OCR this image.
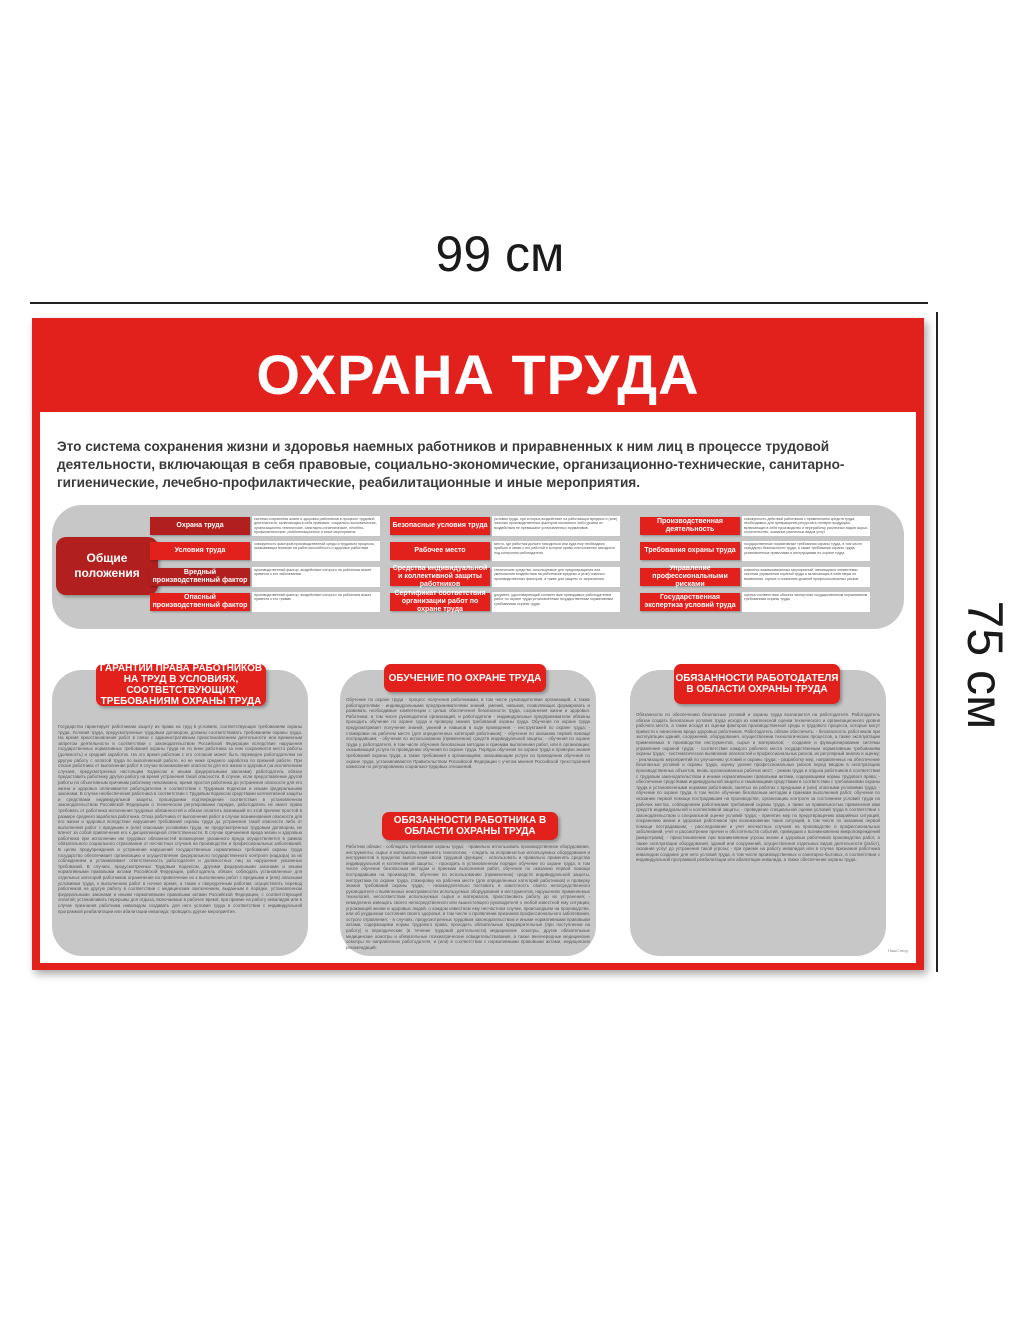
99 см
75 см
ОХРАНА ТРУДА
Это система сохранения жизни и здоровья наемных работников и приравненных к ним лиц в процессе трудовой деятельности, включающая в себя правовые, социально-экономические, организационно-технические, санитарно-гигиенические, лечебно-профилактические, реабилитационные и иные мероприятия.
Общие положения
Охрана труда
система сохранения жизни и здоровья работников в процессе трудовой деятельности, включающая в себя правовые, социально-экономические, организационно-технические, санитарно-гигиенические, лечебно-профилактические, реабилитационные и иные мероприятия
Условия труда
совокупность факторов производственной среды и трудового процесса, оказывающих влияние на работоспособность и здоровье работника
Вредный производственный фактор
производственный фактор, воздействие которого на работника может привести к его заболеванию
Опасный производственный фактор
производственный фактор, воздействие которого на работника может привести к его травме
Безопасные условия труда
условия труда, при которых воздействие на работающих вредных и (или) опасных производственных факторов исключено либо уровни их воздействия не превышают установленных нормативов
Рабочее место
место, где работник должен находиться или куда ему необходимо прибыть в связи с его работой и которое прямо или косвенно находится под контролем работодателя
Средства индивидуальной и коллективной защиты работников
технические средства, используемые для предотвращения или уменьшения воздействия на работников вредных и (или) опасных производственных факторов, а также для защиты от загрязнения
Сертификат соответствия организации работ по охране труда
документ, удостоверяющий соответствие проводимых работодателем работ по охране труда установленным государственным нормативным требованиям охраны труда
Производственная деятельность
совокупность действий работников с применением средств труда, необходимых для превращения ресурсов в готовую продукцию, включающих в себя производство и переработку различных видов сырья, строительство, оказание различных видов услуг
Требования охраны труда
государственные нормативные требования охраны труда, в том числе стандарты безопасности труда, а также требования охраны труда, установленные правилами и инструкциями по охране труда
Управление профессиональными рисками
комплекс взаимосвязанных мероприятий, являющихся элементами системы управления охраной труда и включающих в себя меры по выявлению, оценке и снижению уровней профессиональных рисков
Государственная экспертиза условий труда
оценка соответствия объекта экспертизы государственным нормативным требованиям охраны труда
ГАРАНТИИ ПРАВА РАБОТНИКОВ НА ТРУД В УСЛОВИЯХ, СООТВЕТСТВУЮЩИХ ТРЕБОВАНИЯМ ОХРАНЫ ТРУДА
Государство гарантирует работникам защиту их права на труд в условиях, соответствующих требованиям охраны труда. Условия труда, предусмотренные трудовым договором, должны соответствовать требованиям охраны труда. На время приостановления работ в связи с административным приостановлением деятельности или временным запретом деятельности в соответствии с законодательством Российской Федерации вследствие нарушения государственных нормативных требований охраны труда не по вине работника за ним сохраняются место работы (должность) и средний заработок. На это время работник с его согласия может быть переведен работодателем на другую работу с оплатой труда по выполняемой работе, но не ниже среднего заработка по прежней работе. При отказе работника от выполнения работ в случае возникновения опасности для его жизни и здоровья (за исключением случаев, предусмотренных настоящим Кодексом и иными федеральными законами) работодатель обязан предоставить работнику другую работу на время устранения такой опасности. В случае, если предоставление другой работы по объективным причинам работнику невозможно, время простоя работника до устранения опасности для его жизни и здоровья оплачивается работодателем в соответствии с Трудовым Кодексом и иными федеральными законами. В случае необеспечения работника в соответствии с Трудовым Кодексом средствами коллективной защиты и средствами индивидуальной защиты, прошедшими подтверждение соответствия в установленном законодательством Российской Федерации о техническом регулировании порядке, работодатель не имеет права требовать от работника исполнения трудовых обязанностей и обязан оплатить возникший по этой причине простой в размере среднего заработка работника. Отказ работника от выполнения работ в случае возникновения опасности для его жизни и здоровья вследствие нарушения требований охраны труда до устранения такой опасности либо от выполнения работ с вредными и (или) опасными условиями труда, не предусмотренных трудовым договором, не влечет за собой привлечения его к дисциплинарной ответственности. В случае причинения вреда жизни и здоровью работника при исполнении им трудовых обязанностей возмещение указанного вреда осуществляется в рамках обязательного социального страхования от несчастных случаев на производстве и профессиональных заболеваний. В целях предупреждения и устранения нарушений государственных нормативных требований охраны труда государство обеспечивает организацию и осуществление федерального государственного контроля (надзора) за их соблюдением и устанавливает ответственность работодателя и должностных лиц за нарушение указанных требований. В случаях, предусмотренных Трудовым Кодексом, другими федеральными законами и иными нормативными правовыми актами Российской Федерации, работодатель обязан: соблюдать установленные для отдельных категорий работников ограничения на привлечение их к выполнению работ с вредными и (или) опасными условиями труда, к выполнению работ в ночное время, а также к сверхурочным работам; осуществлять перевод работников на другую работу в соответствии с медицинским заключением, выданным в порядке, установленном федеральными законами и иными нормативными правовыми актами Российской Федерации, с соответствующей оплатой; устанавливать перерывы для отдыха, включаемые в рабочее время; при приеме на работу инвалидов или в случае признания работника инвалидом создавать для него условия труда в соответствии с индивидуальной программой реабилитации или абилитации инвалида; проводить другие мероприятия.
ОБУЧЕНИЕ ПО ОХРАНЕ ТРУДА
Обучение по охране труда - процесс получения работниками, в том числе руководителями организаций, а также работодателями - индивидуальными предпринимателями знаний, умений, навыков, позволяющих формировать и развивать необходимые компетенции с целью обеспечения безопасности труда, сохранения жизни и здоровья. Работники, в том числе руководители организаций, и работодатели - индивидуальные предприниматели обязаны проходить обучение по охране труда и проверку знания требований охраны труда. Обучение по охране труда предусматривает получение знаний, умений и навыков в ходе проведения: - инструктажей по охране труда; - стажировки на рабочем месте (для определенных категорий работников); - обучения по оказанию первой помощи пострадавшим; - обучения по использованию (применению) средств индивидуальной защиты; - обучения по охране труда у работодателя, в том числе обучения безопасным методам и приемам выполнения работ, или в организации, оказывающей услуги по проведению обучения по охране труда. Порядок обучения по охране труда и проверки знания требований охраны труда, а также требования к организациям, оказывающим услуги по проведению обучения по охране труда, устанавливаются Правительством Российской Федерации с учетом мнения Российской трехсторонней комиссии по регулированию социально-трудовых отношений.
ОБЯЗАННОСТИ РАБОТНИКА В ОБЛАСТИ ОХРАНЫ ТРУДА
Работник обязан: - соблюдать требования охраны труда; - правильно использовать производственное оборудование, инструменты, сырье и материалы, применять технологию; - следить за исправностью используемых оборудования и инструментов в пределах выполнения своей трудовой функции; - использовать и правильно применять средства индивидуальной и коллективной защиты; - проходить в установленном порядке обучение по охране труда, в том числе обучение безопасным методам и приемам выполнения работ, обучение по оказанию первой помощи пострадавшим на производстве, обучение по использованию (применению) средств индивидуальной защиты, инструктажи по охране труда, стажировку на рабочем месте (для определенных категорий работников) и проверку знания требований охраны труда; - незамедлительно поставить в известность своего непосредственного руководителя о выявленных неисправностях используемых оборудования и инструментов, нарушениях применяемых технологий, несоответствии используемых сырья и материалов, приостановить работу до их устранения; - немедленно извещать своего непосредственного или вышестоящего руководителя о любой известной ему ситуации, угрожающей жизни и здоровью людей, о каждом известном ему несчастном случае, происшедшем на производстве, или об ухудшении состояния своего здоровья, в том числе о проявлении признаков профессионального заболевания, острого отравления; - в случаях, предусмотренных трудовым законодательством и иными нормативными правовыми актами, содержащими нормы трудового права, проходить обязательные предварительные (при поступлении на работу) и периодические (в течение трудовой деятельности) медицинские осмотры, другие обязательные медицинские осмотры и обязательные психиатрические освидетельствования, а также внеочередные медицинские осмотры по направлению работодателя, и (или) в соответствии с нормативными правовыми актами, медицинских рекомендаций.
ОБЯЗАННОСТИ РАБОТОДАТЕЛЯ В ОБЛАСТИ ОХРАНЫ ТРУДА
Обязанности по обеспечению безопасных условий и охраны труда возлагаются на работодателя. Работодатель обязан создать безопасные условия труда исходя из комплексной оценки технического и организационного уровня рабочего места, а также исходя из оценки факторов производственной среды и трудового процесса, которые могут привести к нанесению вреда здоровью работников. Работодатель обязан обеспечить: - безопасность работников при эксплуатации зданий, сооружений, оборудования, осуществлении технологических процессов, а также эксплуатации применяемых в производстве инструментов, сырья и материалов; - создание и функционирование системы управления охраной труда; - соответствие каждого рабочего места государственным нормативным требованиям охраны труда; - систематическое выявление опасностей и профессиональных рисков, их регулярный анализ и оценку; - реализацию мероприятий по улучшению условий и охраны труда; - разработку мер, направленных на обеспечение безопасных условий и охраны труда, оценку уровня профессиональных рисков перед вводом в эксплуатацию производственных объектов, вновь организованных рабочих мест; - режим труда и отдыха работников в соответствии с трудовым законодательством и иными нормативными правовыми актами, содержащими нормы трудового права; - обеспечение средствами индивидуальной защиты и смывающими средствами в соответствии с требованиями охраны труда и установленными нормами работников, занятых на работах с вредными и (или) опасными условиями труда; - обучение по охране труда, в том числе обучение безопасным методам и приемам выполнения работ, обучение по оказанию первой помощи пострадавшим на производстве, организацию контроля за состоянием условий труда на рабочих местах, соблюдением работниками требований охраны труда, а также за правильностью применения ими средств индивидуальной и коллективной защиты; - проведение специальной оценки условий труда в соответствии с законодательством о специальной оценке условий труда; - принятие мер по предотвращению аварийных ситуаций, сохранению жизни и здоровья работников при возникновении таких ситуаций, в том числе по оказанию первой помощи пострадавшим; - расследование и учет несчастных случаев на производстве и профессиональных заболеваний, учет и рассмотрение причин и обстоятельств событий, приведших к возникновению микроповреждений (микротравм); - приостановление при возникновении угрозы жизни и здоровью работников производства работ, а также эксплуатации оборудования, зданий или сооружений, осуществления отдельных видов деятельности (работ), оказания услуг до устранения такой угрозы; - при приеме на работу инвалидов или в случае признания работника инвалидом создание для него условий труда, в том числе производственных и санитарно-бытовых, в соответствии с индивидуальной программой реабилитации или абилитации инвалида, а также обеспечение охраны труда.
НашСтенд
